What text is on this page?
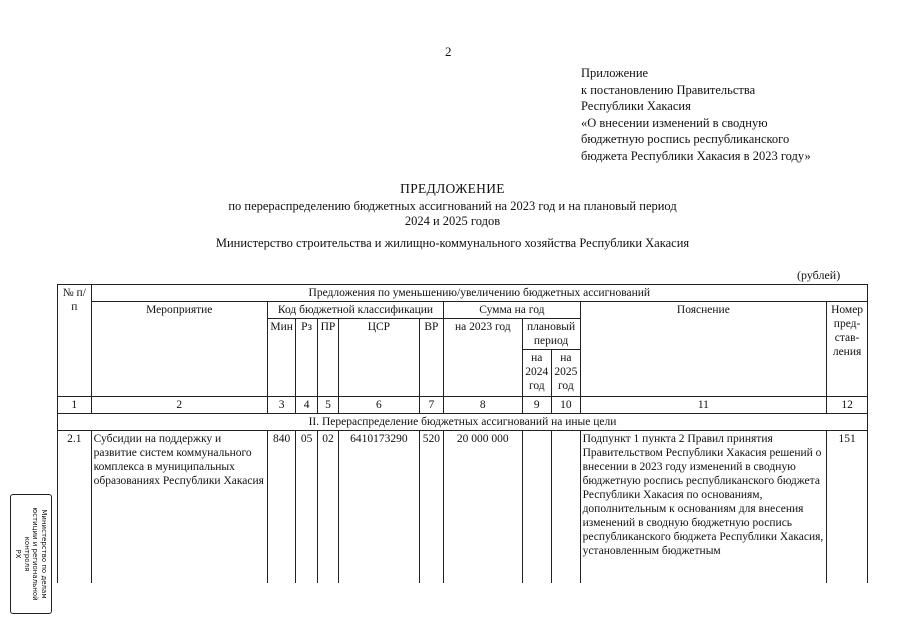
2
Приложение
к постановлению Правительства
Республики Хакасия
«О внесении изменений в сводную
бюджетную роспись республиканского
бюджета Республики Хакасия в 2023 году»
ПРЕДЛОЖЕНИЕ
по перераспределению бюджетных ассигнований на 2023 год и на плановый период
2024 и 2025 годов
Министерство строительства и жилищно-коммунального хозяйства Республики Хакасия
(рублей)
№ п/п	Предложения по уменьшению/увеличению бюджетных ассигнований										
	Мероприятие	Код бюджетной классификации					Сумма на год			Пояснение	Номер пред-став-ления
		Мин	Рз	ПР	ЦСР	ВР	на 2023 год	плановый период			
								на 2024 год	на 2025 год		
1	2	3	4	5	6	7	8	9	10	11	12
II. Перераспределение бюджетных ассигнований на иные цели											
2.1	Субсидии на поддержку и развитие систем коммунального комплекса в муниципальных образованиях Республики Хакасия	840	05	02	6410173290	520	20 000 000			Подпункт 1 пункта 2 Правил принятия Правительством Республики Хакасия решений о внесении в 2023 году изменений в сводную бюджетную роспись республиканского бюджета Республики Хакасия по основаниям, дополнительным к основаниям для внесения изменений в сводную бюджетную роспись республиканского бюджета Республики Хакасия, установленным бюджетным	151
Министерство по делам
юстиции и региональной
контроля
РХ
